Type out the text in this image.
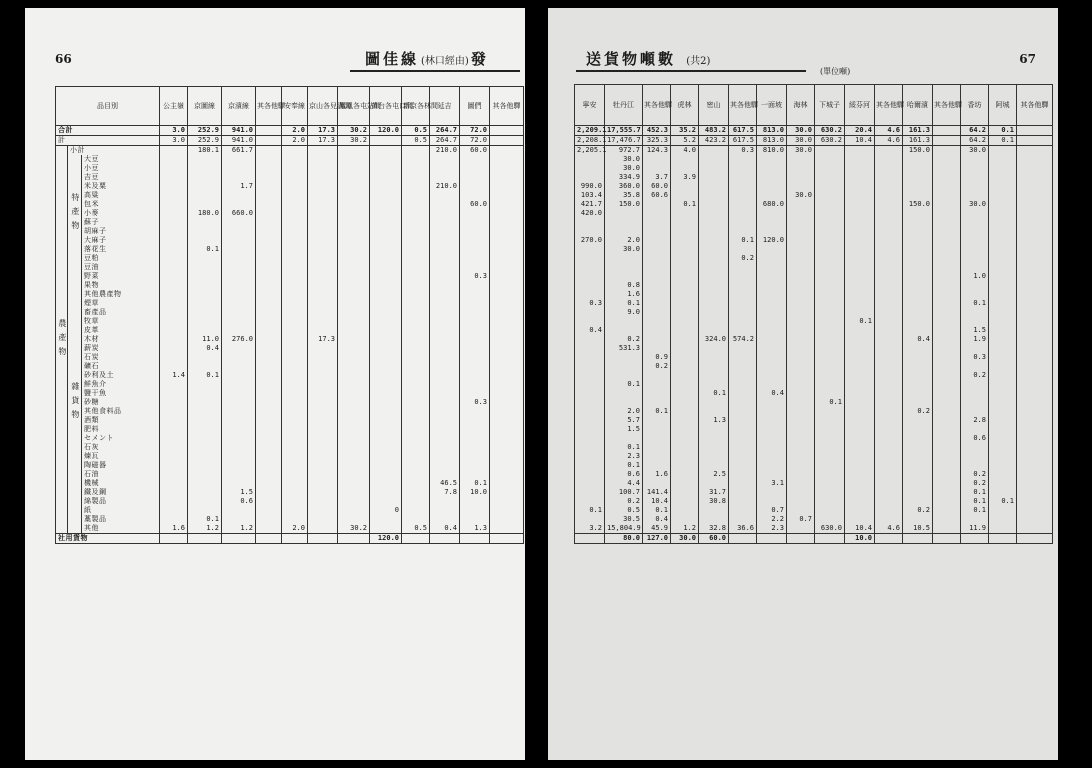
66	圖佳線 (林口經由) 發
品目別			公主嶺	京圖線	京濱線	其各他驛	安奉線	京山各兒溝間	鳳凰各屯站間	黄台各屯口間	新京各林間	延吉	圖們	其各他驛
合計			3.0	252.9	941.0		2.0	17.3	30.2	120.0	0.5	264.7	72.0	
計			3.0	252.9	941.0		2.0	17.3	30.2		0.5	264.7	72.0	
農產物	小計			180.1	661.7							210.0	60.0	
	特產物	大豆												
		小豆												
		吉豆												
		米及粟			1.7							210.0		
		高粱												
		包米											60.0	
		小麥		180.0	660.0									
		蘇子												
		胡麻子												
		大麻子												
		落花生		0.1										
		豆粕												
		豆油												
	雜貨物	野菜											0.3	
		果物												
		其他農產物												
		煙草												
		畜產品												
		牧草												
		皮革												
		木材		11.0	276.0			17.3						
		薪炭		0.4										
		石炭												
		礦石												
		砂利及土	1.4	0.1										
		鮮魚介												
		鹽干魚												
		砂糖											0.3	
		其他食料品												
		酒類												
		肥料												
		セメント												
		石灰												
		煉瓦												
		陶磁器												
		石油												
		機械										46.5	0.1	
		鐵及鋼			1.5							7.8	10.0	
		綿製品			0.6									
		紙								0				
		藁製品		0.1										
		其他	1.6	1.2	1.2		2.0		30.2		0.5	0.4	1.3	
社用貨物										120.0				
送貨物噸數 (共2)
(單位噸)
67
寧安	牡丹江	其各他驛	虎林	密山	其各他驛	一面坡	海林	下城子	綏芬河	其各他驛	哈爾濱	其各他驛	香坊	阿城	其各他驛
2,209.1	17,555.7	452.3	35.2	483.2	617.5	813.0	30.0	630.2	20.4	4.6	161.3		64.2	0.1	
2,208.1	17,476.7	325.3	5.2	423.2	617.5	813.0	30.0	630.2	10.4	4.6	161.3		64.2	0.1	
2,205.1	972.7	124.3	4.0		0.3	810.0	30.0				150.0		30.0		
	30.0														
	30.0														
	334.9	3.7	3.9												
990.0	360.0	60.0													
103.4	35.8	60.6					30.0								
421.7	150.0		0.1			680.0					150.0		30.0		
420.0															

270.0	2.0				0.1	120.0									
	30.0														
					0.2										

													1.0		
	0.8														
	1.6														
0.3	0.1												0.1		
	9.0														
									0.1						
0.4													1.5		
	0.2			324.0	574.2						0.4		1.9		
	531.3														
		0.9											0.3		
		0.2													
													0.2		
	0.1														
				0.1		0.4									
								0.1							
	2.0	0.1									0.2				
	5.7			1.3									2.8		
	1.5														
													0.6		
	0.1														
	2.3														
	0.1														
	0.6	1.6		2.5									0.2		
	4.4					3.1							0.2		
	100.7	141.4		31.7									0.1		
	0.2	10.4		30.8									0.1	0.1	
0.1	0.5	0.1				0.7					0.2		0.1		
	30.5	0.4				2.2	0.7								
3.2	15,804.9	45.9	1.2	32.8	36.6	2.3		630.0	10.4	4.6	10.5		11.9		
	80.0	127.0	30.0	60.0					10.0						
